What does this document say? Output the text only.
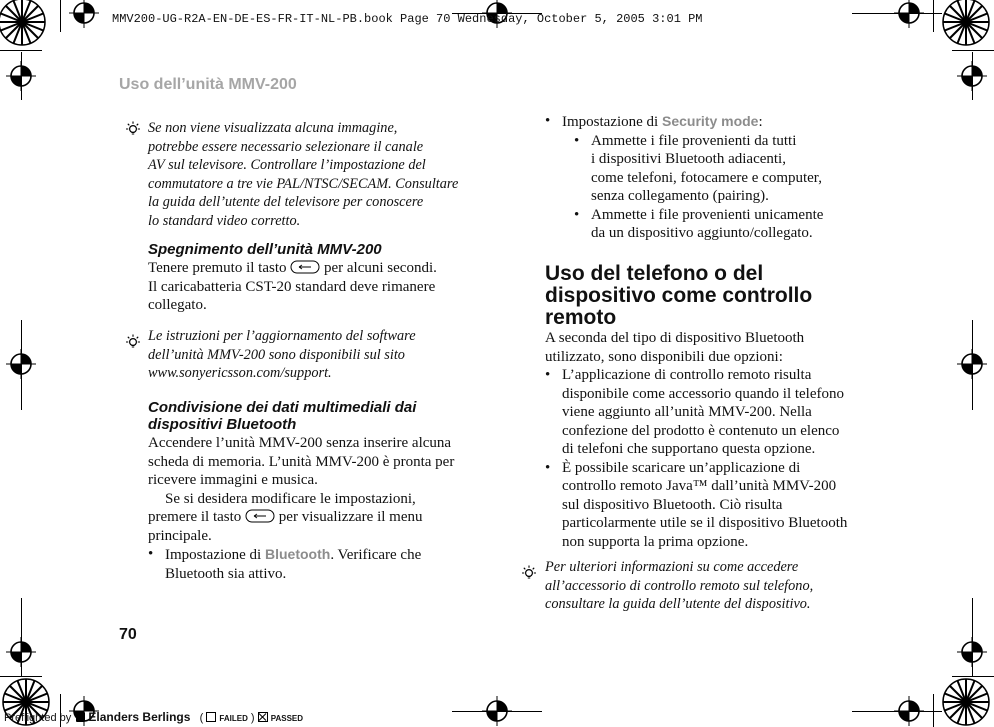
MMV200-UG-R2A-EN-DE-ES-FR-IT-NL-PB.book Page 70 Wednesday, October 5, 2005 3:01 PM
Uso dell’unità MMV-200
70
Se non viene visualizzata alcuna immagine,
potrebbe essere necessario selezionare il canale
AV sul televisore. Controllare l’impostazione del
commutatore a tre vie PAL/NTSC/SECAM. Consultare
la guida dell’utente del televisore per conoscere
lo standard video corretto.
Spegnimento dell’unità MMV-200

Tenere premuto il tasto	per alcuni secondi.

Il caricabatteria CST-20 standard deve rimanere

collegato.

Le istruzioni per l’aggiornamento del software
dell’unità MMV-200 sono disponibili sul sito
www.sonyericsson.com/support.
Condivisione dei dati multimediali dai
dispositivi Bluetooth

Accendere l’unità MMV-200 senza inserire alcuna

scheda di memoria. L’unità MMV-200 è pronta per

ricevere immagini e musica.

Se si desidera modificare le impostazioni,

premere il tasto	per visualizzare il menu

principale.

• Impostazione di Bluetooth. Verificare che

Bluetooth sia attivo.

• Impostazione di Security mode:

• Ammette i file provenienti da tutti

i dispositivi Bluetooth adiacenti,

come telefoni, fotocamere e computer,

senza collegamento (pairing).

• Ammette i file provenienti unicamente

da un dispositivo aggiunto/collegato.

Uso del telefono o del
dispositivo come controllo
remoto

A seconda del tipo di dispositivo Bluetooth

utilizzato, sono disponibili due opzioni:

• L’applicazione di controllo remoto risulta

disponibile come accessorio quando il telefono

viene aggiunto all’unità MMV-200. Nella

confezione del prodotto è contenuto un elenco

di telefoni che supportano questa opzione.

• È possibile scaricare un’applicazione di

controllo remoto Java™ dall’unità MMV-200

sul dispositivo Bluetooth. Ciò risulta

particolarmente utile se il dispositivo Bluetooth

non supporta la prima opzione.

Per ulteriori informazioni su come accedere
all’accessorio di controllo remoto sul telefono,
consultare la guida dell’utente del dispositivo.
Preflighted by Elanders Berlings ( FAILED ) PASSED
